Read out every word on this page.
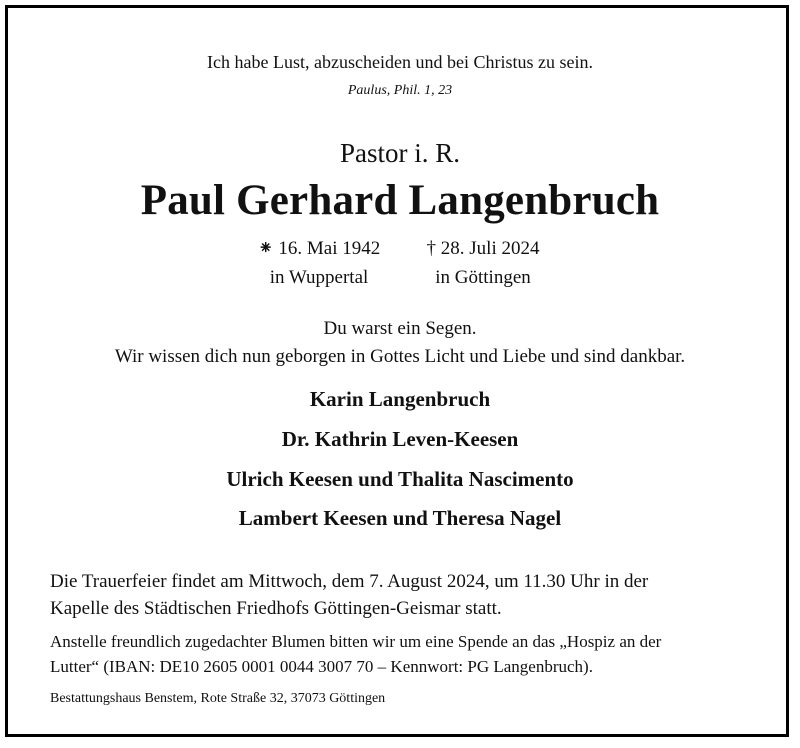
Ich habe Lust, abzuscheiden und bei Christus zu sein.
Paulus, Phil. 1, 23
Pastor i. R.
Paul Gerhard Langenbruch
⁕ 16. Mai 1942
in Wuppertal
† 28. Juli 2024
in Göttingen
Du warst ein Segen.
Wir wissen dich nun geborgen in Gottes Licht und Liebe und sind dankbar.
Karin Langenbruch
Dr. Kathrin Leven-Keesen
Ulrich Keesen und Thalita Nascimento
Lambert Keesen und Theresa Nagel
Die Trauerfeier findet am Mittwoch, dem 7. August 2024, um 11.30 Uhr in der
Kapelle des Städtischen Friedhofs Göttingen-Geismar statt.
Anstelle freundlich zugedachter Blumen bitten wir um eine Spende an das „Hospiz an der
Lutter“ (IBAN: DE10 2605 0001 0044 3007 70 – Kennwort: PG Langenbruch).
Bestattungshaus Benstem, Rote Straße 32, 37073 Göttingen
